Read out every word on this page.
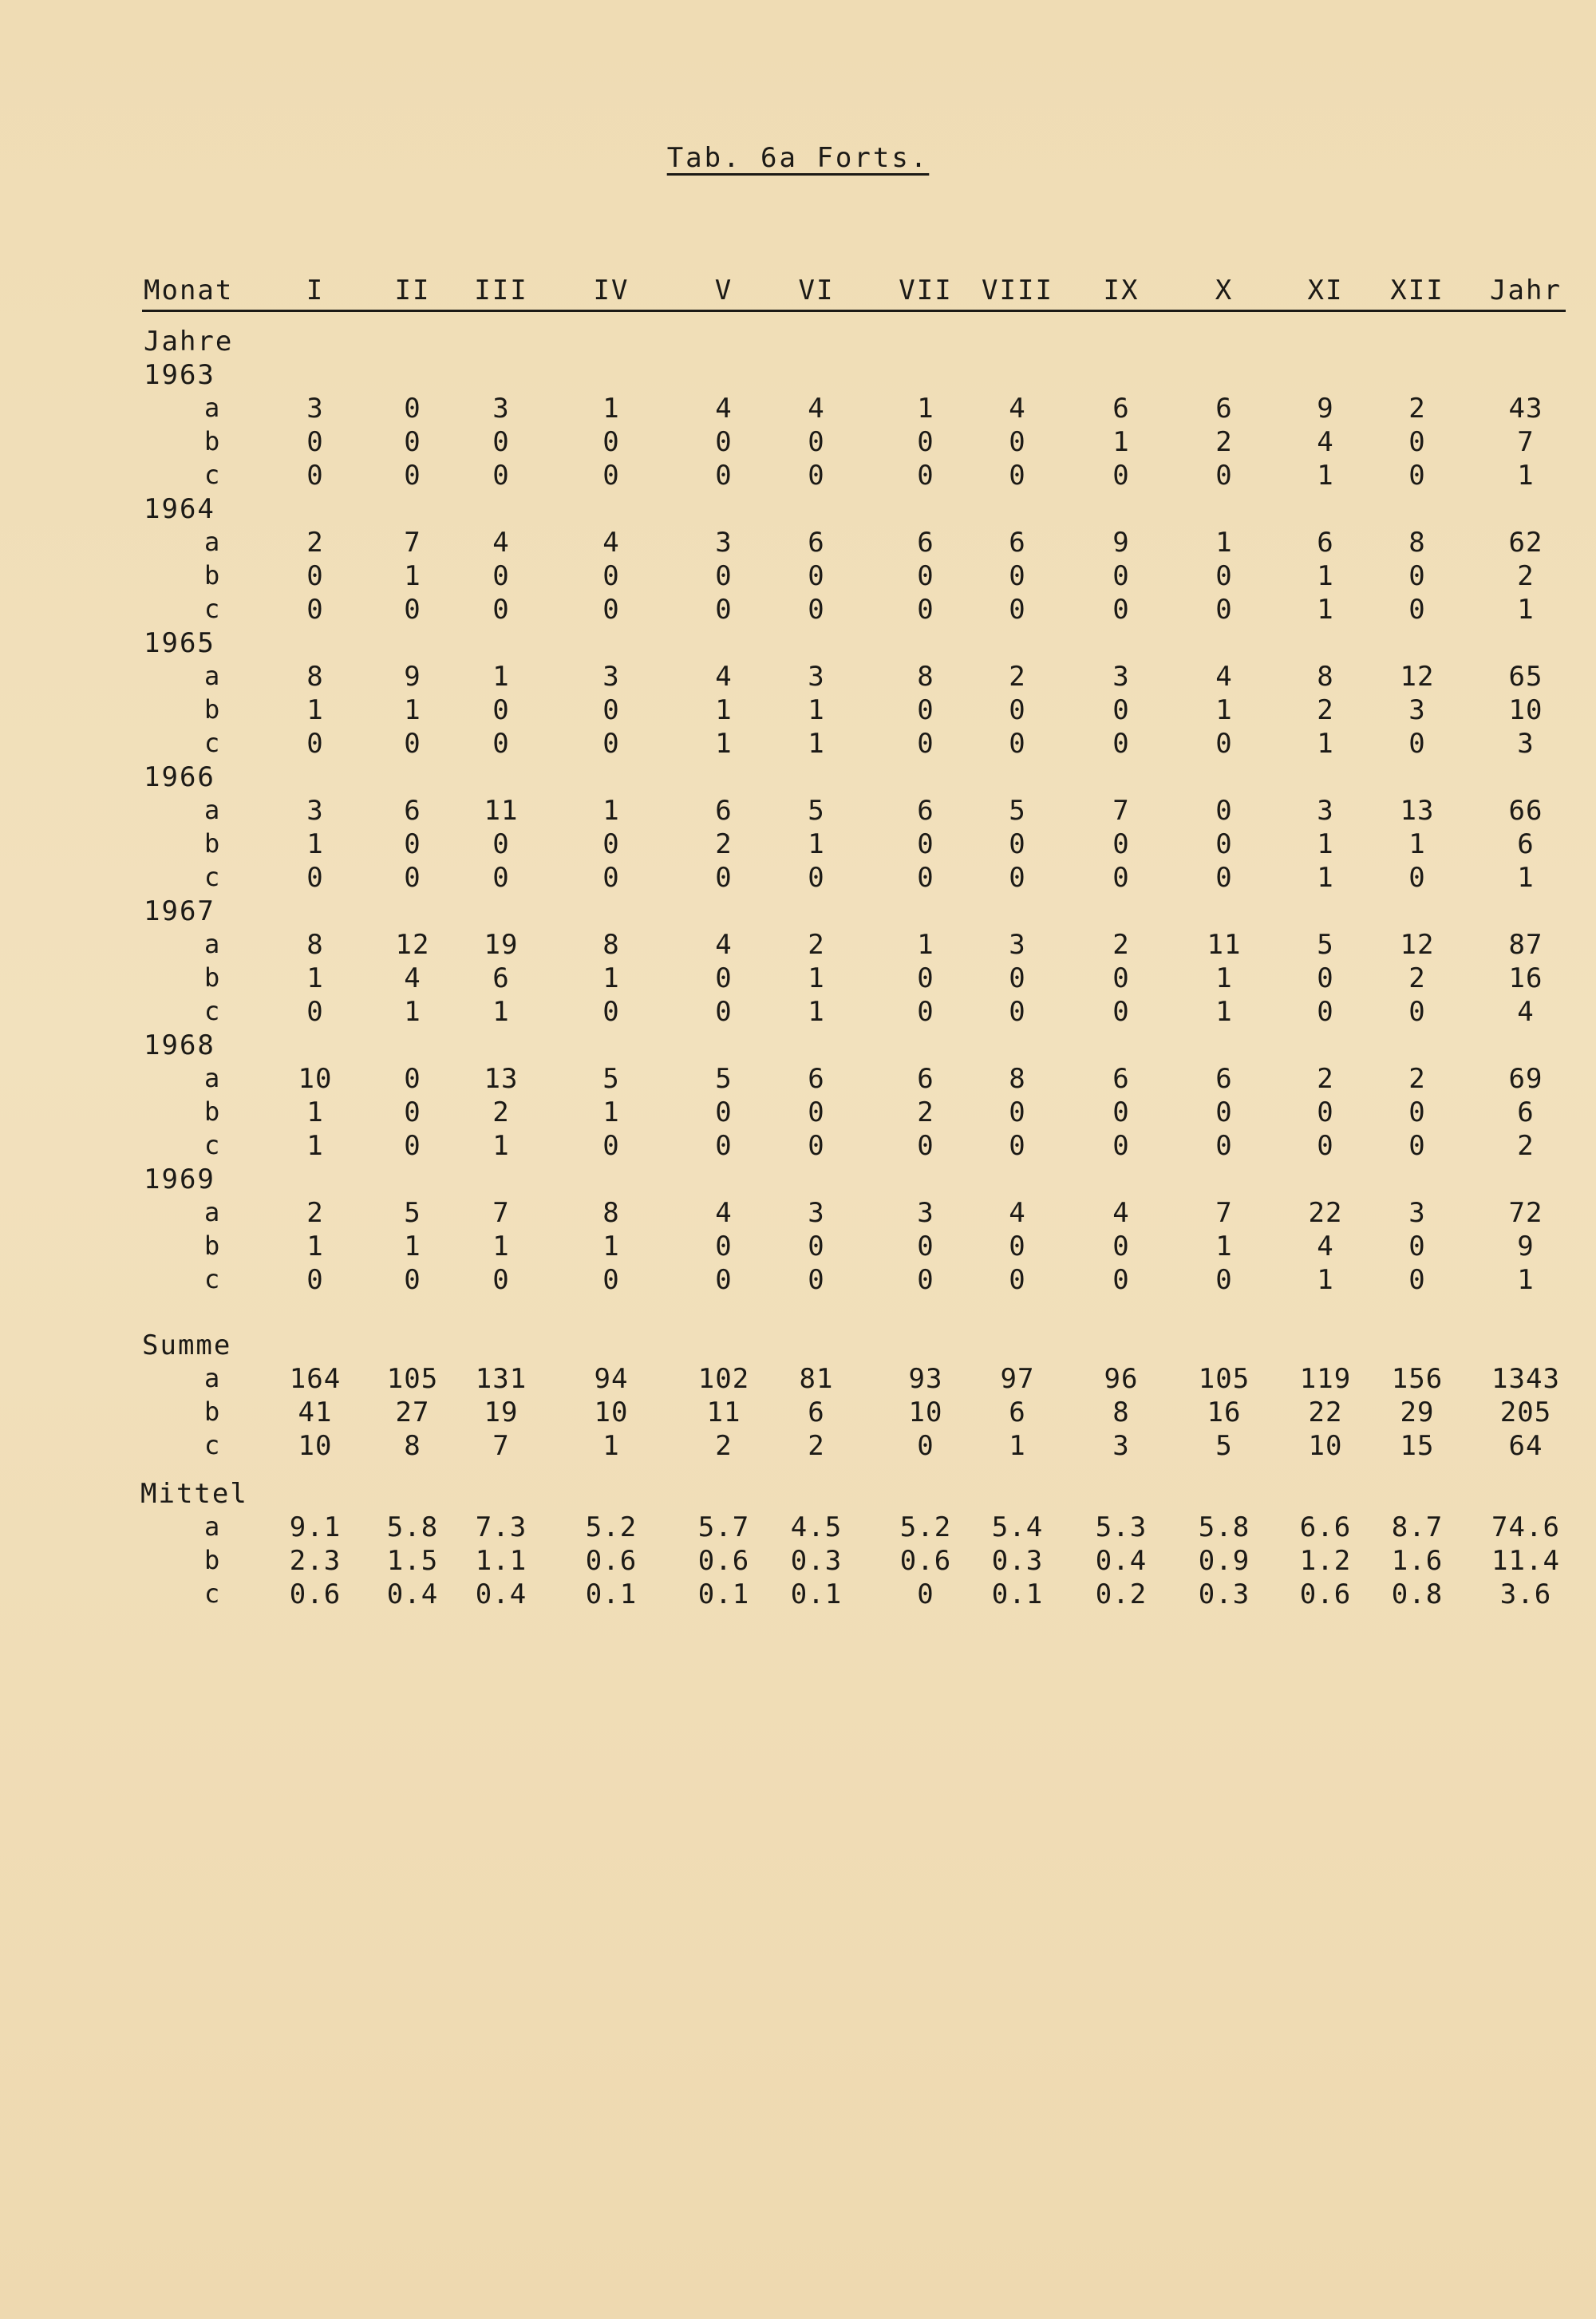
Tab. 6a Forts.
Monat	I	II III IV	V VI VII VIII IX	X	XI XII Jahr
Jahre
1963
a	3	0	3	1	4	4	1	4	6	6	9	2	43
b	0	0	0	0	0	0	0	0	1	2	4	0	7
c	0	0	0	0	0	0	0	0	0	0	1	0	1
1964
a	2	7	4	4	3	6	6	6	9	1	6	8	62
b	0	1	0	0	0	0	0	0	0	0	1	0	2
c	0	0	0	0	0	0	0	0	0	0	1	0	1
1965
a	8	9	1	3	4	3	8	2	3	4	8 12	65
b	1	1	0	0	1	1	0	0	0	1	2	3	10
c	0	0	0	0	1	1	0	0	0	0	1	0	3
1966
a	3	6 11	1	6	5	6	5	7	0	3 13	66
b	1	0	0	0	2	1	0	0	0	0	1	1	6
c	0	0	0	0	0	0	0	0	0	0	1	0	1
1967
a	8	12 19	8	4	2	1	3	2	11	5 12	87
b	1	4	6	1	0	1	0	0	0	1	0	2	16
c	0	1	1	0	0	1	0	0	0	1	0	0	4
1968
a	10	0 13	5	5	6	6	8	6	6	2	2	69
b	1	0	2	1	0	0	2	0	0	0	0	0	6
c	1	0	1	0	0	0	0	0	0	0	0	0	2
1969
a	2	5	7	8	4	3	3	4	4	7	22 3	72
b	1	1	1	1	0	0	0	0	0	1	4	0	9
c	0	0	0	0	0	0	0	0	0	0	1	0	1
Summe
a	164 105 131 94	102 81	93 97	96 105 119 156 1343
b	41 27 19	10	11 6	10 6	8	16 22 29 205
c	10	8	7	1	2	2	0	1	3	5	10 15	64
Mittel
a	9.1 5.8 7.3 5.2 5.7 4.5 5.2 5.4 5.3 5.8 6.6 8.7 74.6
b	2.3 1.5 1.1 0.6 0.6 0.3 0.6 0.3 0.4 0.9 1.2 1.6 11.4
c	0.6 0.4 0.4 0.1 0.1 0.1	0 0.1 0.2 0.3 0.6 0.8 3.6
